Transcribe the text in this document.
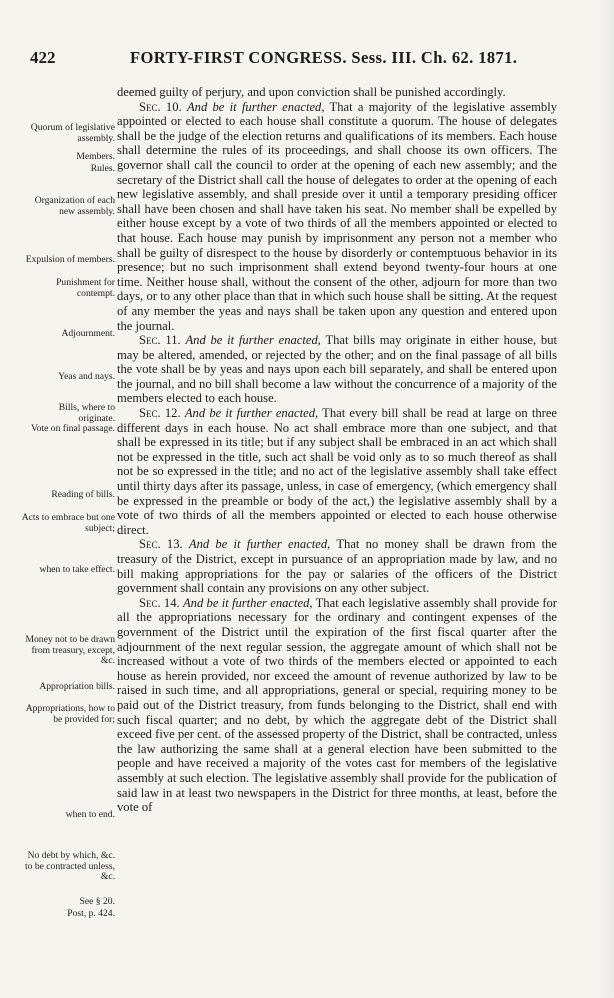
422	FORTY-FIRST CONGRESS. Sess. III. Ch. 62. 1871.
Quorum of legislative assembly.
Members.
Rules.
Organization of each new assembly.
Expulsion of members.
Punishment for contempt.
Adjournment.
Yeas and nays.
Bills, where to originate.
Vote on final passage.
Reading of bills.
Acts to embrace but one subject;
when to take effect.
Money not to be drawn from treasury, except, &c.
Appropriation bills.
Appropriations, how to be provided for;
when to end.
No debt by which, &c. to be contracted unless, &c.
See § 20.
Post, p. 424.

deemed guilty of perjury, and upon conviction shall be punished accordingly.

Sec. 10. And be it further enacted, That a majority of the legislative assembly appointed or elected to each house shall constitute a quorum. The house of delegates shall be the judge of the election returns and qualifications of its members. Each house shall determine the rules of its proceedings, and shall choose its own officers. The governor shall call the council to order at the opening of each new assembly; and the secretary of the District shall call the house of delegates to order at the opening of each new legislative assembly, and shall preside over it until a temporary presiding officer shall have been chosen and shall have taken his seat. No member shall be expelled by either house except by a vote of two thirds of all the members appointed or elected to that house. Each house may punish by imprisonment any person not a member who shall be guilty of disrespect to the house by disorderly or contemptuous behavior in its presence; but no such imprisonment shall extend beyond twenty-four hours at one time. Neither house shall, without the consent of the other, adjourn for more than two days, or to any other place than that in which such house shall be sitting. At the request of any member the yeas and nays shall be taken upon any question and entered upon the journal.

Sec. 11. And be it further enacted, That bills may originate in either house, but may be altered, amended, or rejected by the other; and on the final passage of all bills the vote shall be by yeas and nays upon each bill separately, and shall be entered upon the journal, and no bill shall become a law without the concurrence of a majority of the members elected to each house.

Sec. 12. And be it further enacted, That every bill shall be read at large on three different days in each house. No act shall embrace more than one subject, and that shall be expressed in its title; but if any subject shall be embraced in an act which shall not be expressed in the title, such act shall be void only as to so much thereof as shall not be so expressed in the title; and no act of the legislative assembly shall take effect until thirty days after its passage, unless, in case of emergency, (which emergency shall be expressed in the preamble or body of the act,) the legislative assembly shall by a vote of two thirds of all the members appointed or elected to each house otherwise direct.

Sec. 13. And be it further enacted, That no money shall be drawn from the treasury of the District, except in pursuance of an appropriation made by law, and no bill making appropriations for the pay or salaries of the officers of the District government shall contain any provisions on any other subject.

Sec. 14. And be it further enacted, That each legislative assembly shall provide for all the appropriations necessary for the ordinary and contingent expenses of the government of the District until the expiration of the first fiscal quarter after the adjournment of the next regular session, the aggregate amount of which shall not be increased without a vote of two thirds of the members elected or appointed to each house as herein provided, nor exceed the amount of revenue authorized by law to be raised in such time, and all appropriations, general or special, requiring money to be paid out of the District treasury, from funds belonging to the District, shall end with such fiscal quarter; and no debt, by which the aggregate debt of the District shall exceed five per cent. of the assessed property of the District, shall be contracted, unless the law authorizing the same shall at a general election have been submitted to the people and have received a majority of the votes cast for members of the legislative assembly at such election. The legislative assembly shall provide for the publication of said law in at least two newspapers in the District for three months, at least, before the vote of
